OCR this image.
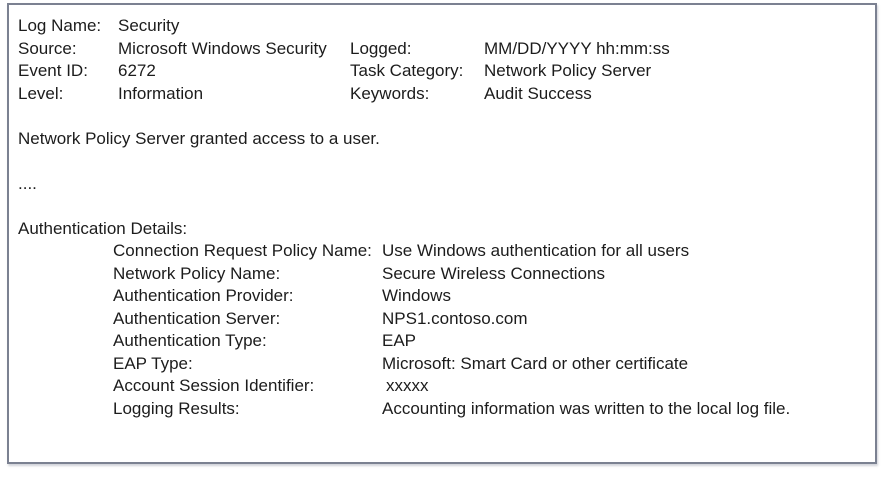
Log Name: Security
Source: Microsoft Windows Security Logged:	MM/DD/YYYY hh:mm:ss
Event ID: 6272	Task Category: Network Policy Server
Level:	Information	Keywords:	Audit Success
Network Policy Server granted access to a user.
....
Authentication Details:
Connection Request Policy Name: Use Windows authentication for all users
Network Policy Name:	Secure Wireless Connections
Authentication Provider:	Windows
Authentication Server:	NPS1.contoso.com
Authentication Type:	EAP
EAP Type:	Microsoft: Smart Card or other certificate
Account Session Identifier:	xxxxx
Logging Results:	Accounting information was written to the local log file.
